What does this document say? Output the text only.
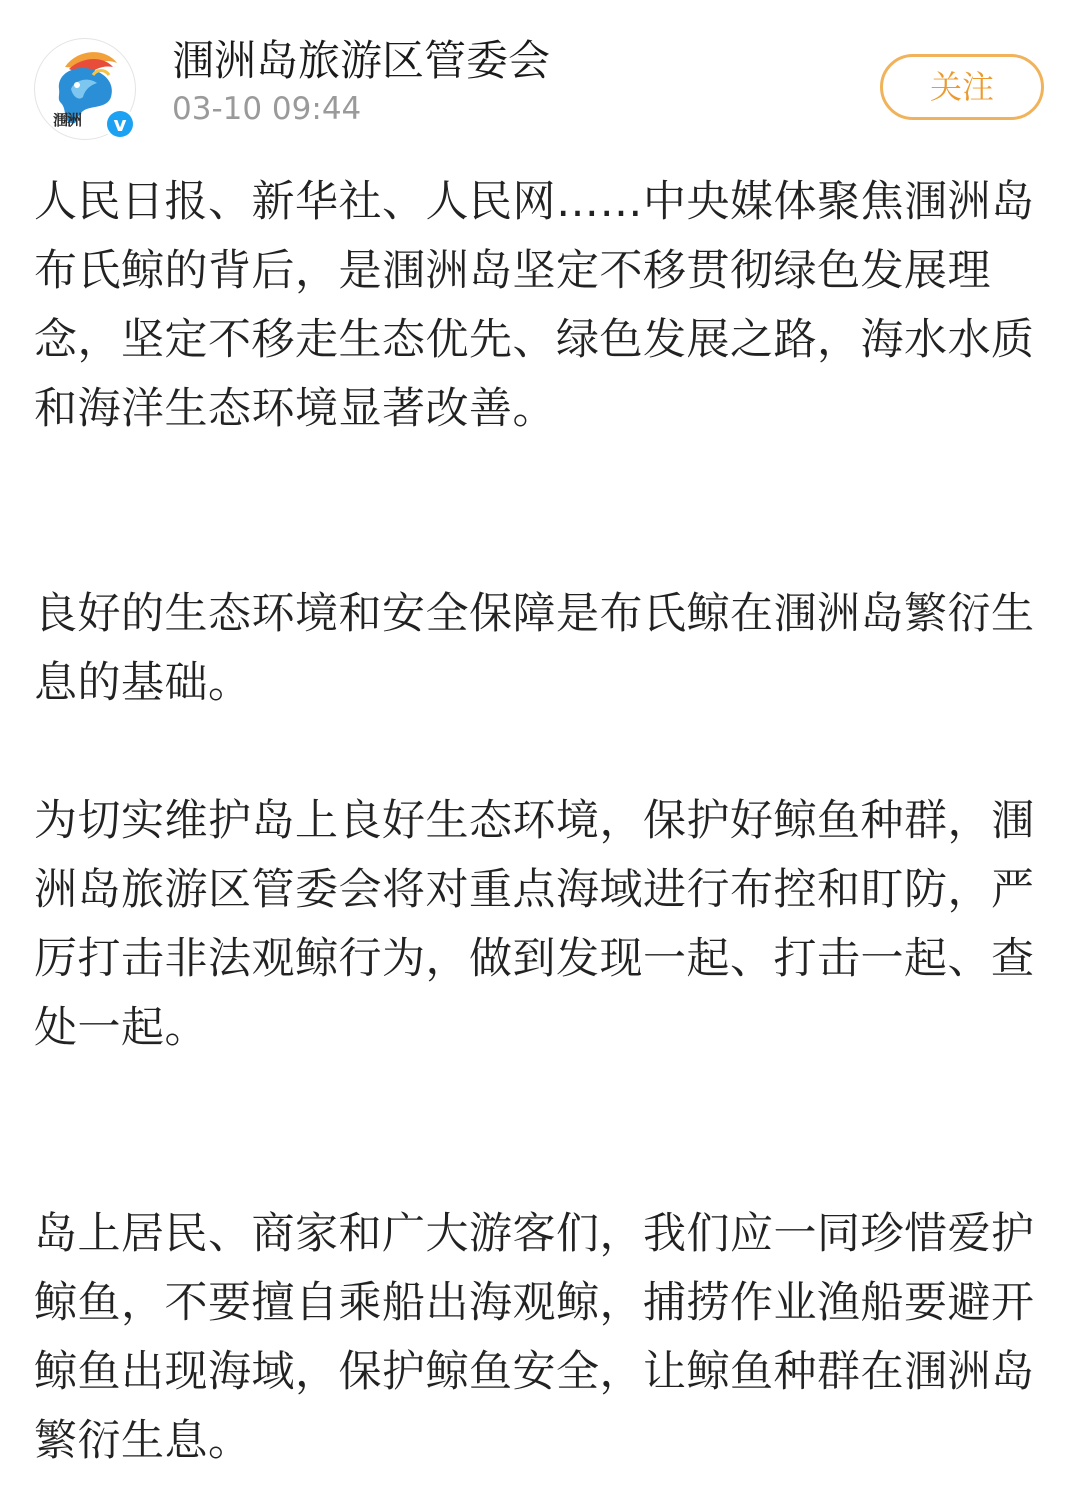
涠洲	v
涠洲岛旅游区管委会
03-10 09:44
关注

人民日报、新华社、人民网……中央媒体聚焦涠洲岛布氏鲸的背后，是涠洲岛坚定不移贯彻绿色发展理念，坚定不移走生态优先、绿色发展之路，海水水质和海洋生态环境显著改善。

良好的生态环境和安全保障是布氏鲸在涠洲岛繁衍生息的基础。

为切实维护岛上良好生态环境，保护好鲸鱼种群，涠洲岛旅游区管委会将对重点海域进行布控和盯防，严厉打击非法观鲸行为，做到发现一起、打击一起、查处一起。

岛上居民、商家和广大游客们，我们应一同珍惜爱护鲸鱼，不要擅自乘船出海观鲸，捕捞作业渔船要避开鲸鱼出现海域，保护鲸鱼安全，让鲸鱼种群在涠洲岛繁衍生息。
